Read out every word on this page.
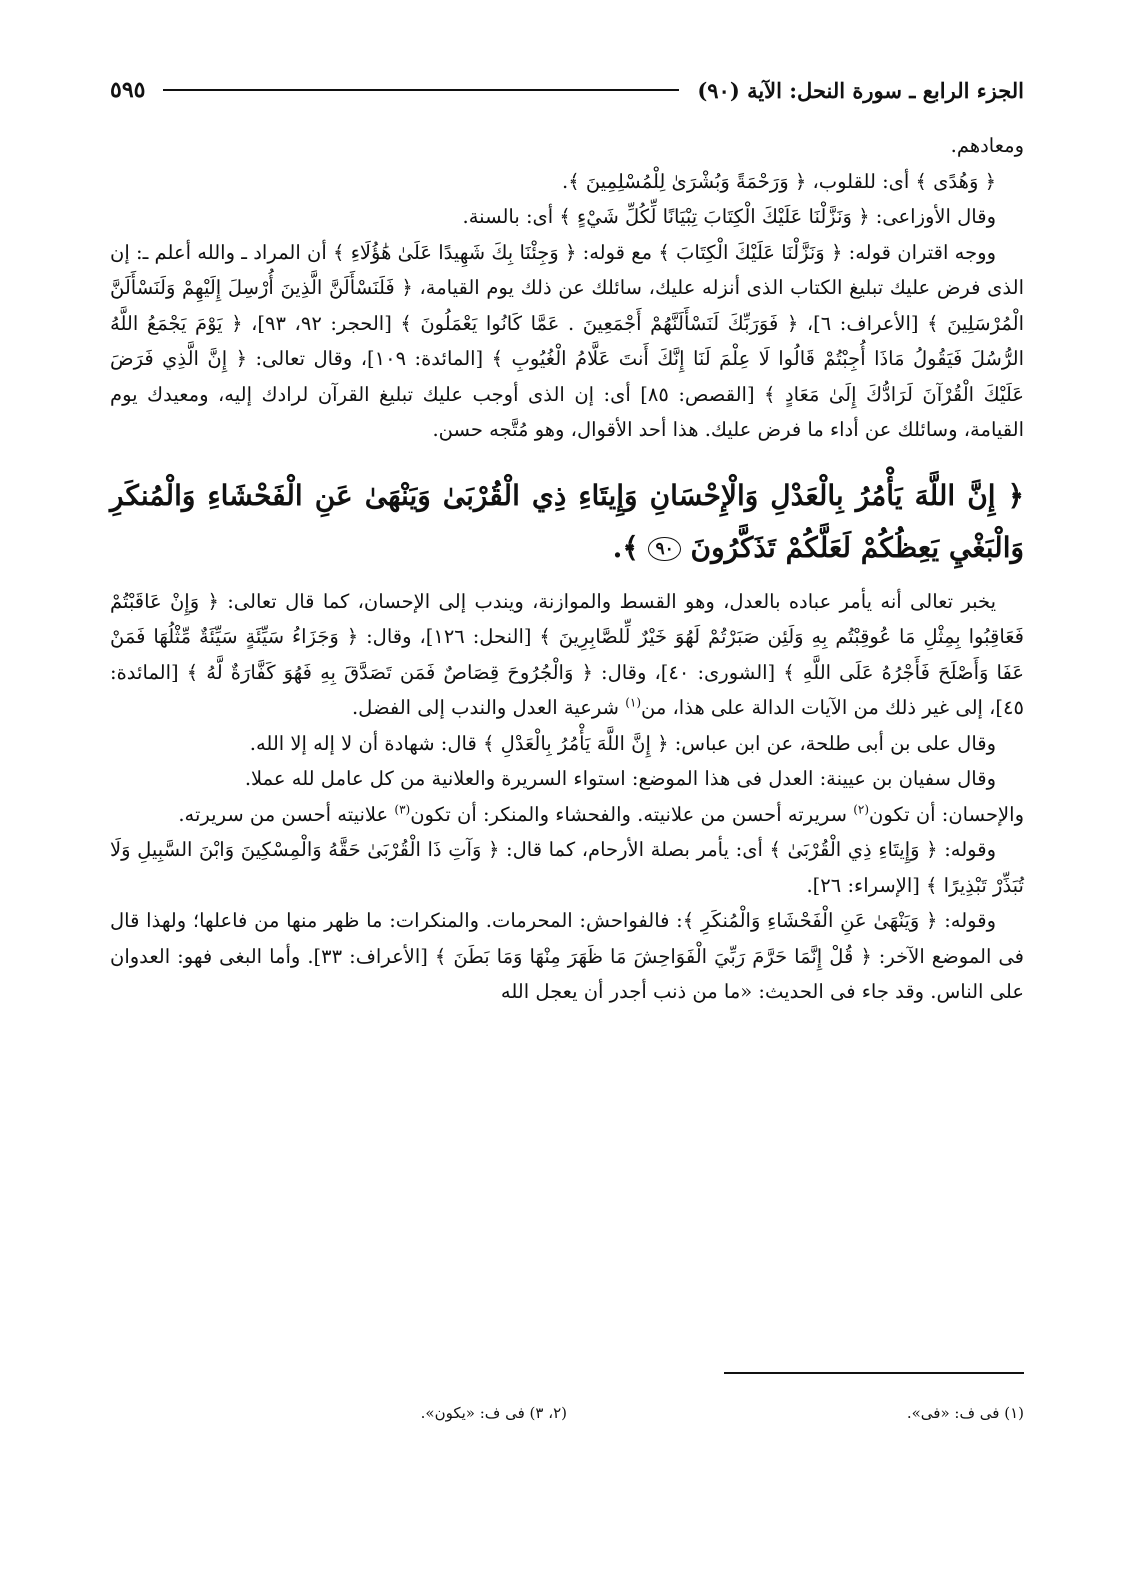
الجزء الرابع ـ سورة النحل: الآية (٩٠)
٥٩٥

ومعادهم.

﴿ وَهُدًى ﴾ أى: للقلوب، ﴿ وَرَحْمَةً وَبُشْرَىٰ لِلْمُسْلِمِينَ ﴾.

وقال الأوزاعى: ﴿ وَنَزَّلْنَا عَلَيْكَ الْكِتَابَ تِبْيَانًا لِّكُلِّ شَيْءٍ ﴾ أى: بالسنة.

ووجه اقتران قوله: ﴿ وَنَزَّلْنَا عَلَيْكَ الْكِتَابَ ﴾ مع قوله: ﴿ وَجِئْنَا بِكَ شَهِيدًا عَلَىٰ هَٰؤُلَاءِ ﴾ أن المراد ـ والله أعلم ـ: إن الذى فرض عليك تبليغ الكتاب الذى أنزله عليك، سائلك عن ذلك يوم القيامة، ﴿ فَلَنَسْأَلَنَّ الَّذِينَ أُرْسِلَ إِلَيْهِمْ وَلَنَسْأَلَنَّ الْمُرْسَلِينَ ﴾ [الأعراف: ٦]، ﴿ فَوَرَبِّكَ لَنَسْأَلَنَّهُمْ أَجْمَعِينَ . عَمَّا كَانُوا يَعْمَلُونَ ﴾ [الحجر: ٩٢، ٩٣]، ﴿ يَوْمَ يَجْمَعُ اللَّهُ الرُّسُلَ فَيَقُولُ مَاذَا أُجِبْتُمْ قَالُوا لَا عِلْمَ لَنَا إِنَّكَ أَنتَ عَلَّامُ الْغُيُوبِ ﴾ [المائدة: ١٠٩]، وقال تعالى: ﴿ إِنَّ الَّذِي فَرَضَ عَلَيْكَ الْقُرْآنَ لَرَادُّكَ إِلَىٰ مَعَادٍ ﴾ [القصص: ٨٥] أى: إن الذى أوجب عليك تبليغ القرآن لرادك إليه، ومعيدك يوم القيامة، وسائلك عن أداء ما فرض عليك. هذا أحد الأقوال، وهو مُتَّجه حسن.

﴿ إِنَّ اللَّهَ يَأْمُرُ بِالْعَدْلِ وَالْإِحْسَانِ وَإِيتَاءِ ذِي الْقُرْبَىٰ وَيَنْهَىٰ عَنِ الْفَحْشَاءِ وَالْمُنكَرِ وَالْبَغْيِ يَعِظُكُمْ لَعَلَّكُمْ تَذَكَّرُونَ ٩٠ ﴾.

يخبر تعالى أنه يأمر عباده بالعدل، وهو القسط والموازنة، ويندب إلى الإحسان، كما قال تعالى: ﴿ وَإِنْ عَاقَبْتُمْ فَعَاقِبُوا بِمِثْلِ مَا عُوقِبْتُم بِهِ وَلَئِن صَبَرْتُمْ لَهُوَ خَيْرٌ لِّلصَّابِرِينَ ﴾ [النحل: ١٢٦]، وقال: ﴿ وَجَزَاءُ سَيِّئَةٍ سَيِّئَةٌ مِّثْلُهَا فَمَنْ عَفَا وَأَصْلَحَ فَأَجْرُهُ عَلَى اللَّهِ ﴾ [الشورى: ٤٠]، وقال: ﴿ وَالْجُرُوحَ قِصَاصٌ فَمَن تَصَدَّقَ بِهِ فَهُوَ كَفَّارَةٌ لَّهُ ﴾ [المائدة: ٤٥]، إلى غير ذلك من الآيات الدالة على هذا، من$^{(١)}$ شرعية العدل والندب إلى الفضل.

وقال على بن أبى طلحة، عن ابن عباس: ﴿ إِنَّ اللَّهَ يَأْمُرُ بِالْعَدْلِ ﴾ قال: شهادة أن لا إله إلا الله.

وقال سفيان بن عيينة: العدل فى هذا الموضع: استواء السريرة والعلانية من كل عامل لله عملا.

والإحسان: أن تكون$^{(٢)}$ سريرته أحسن من علانيته. والفحشاء والمنكر: أن تكون$^{(٣)}$ علانيته أحسن من سريرته.

وقوله: ﴿ وَإِيتَاءِ ذِي الْقُرْبَىٰ ﴾ أى: يأمر بصلة الأرحام، كما قال: ﴿ وَآتِ ذَا الْقُرْبَىٰ حَقَّهُ وَالْمِسْكِينَ وَابْنَ السَّبِيلِ وَلَا تُبَذِّرْ تَبْذِيرًا ﴾ [الإسراء: ٢٦].

وقوله: ﴿ وَيَنْهَىٰ عَنِ الْفَحْشَاءِ وَالْمُنكَرِ ﴾: فالفواحش: المحرمات. والمنكرات: ما ظهر منها من فاعلها؛ ولهذا قال فى الموضع الآخر: ﴿ قُلْ إِنَّمَا حَرَّمَ رَبِّيَ الْفَوَاحِشَ مَا ظَهَرَ مِنْهَا وَمَا بَطَنَ ﴾ [الأعراف: ٣٣]. وأما البغى فهو: العدوان على الناس. وقد جاء فى الحديث: «ما من ذنب أجدر أن يعجل الله

(١) فى ف: «فى».
(٢، ٣) فى ف: «يكون».
